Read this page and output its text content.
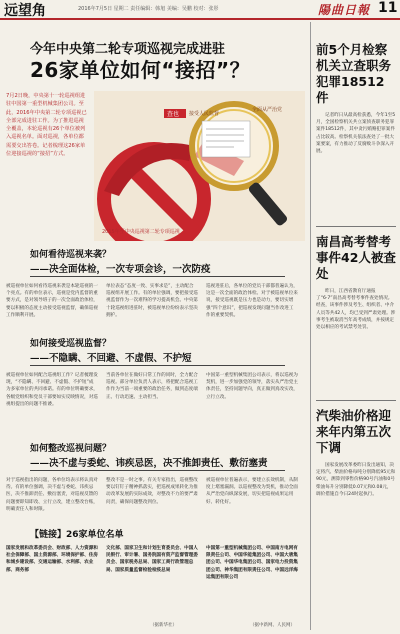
远望角	2016年7月5日 星期二 责任编辑：韩旭 美编：吴鹏 校对：张彤	陽曲日報 11
今年中央第二轮专项巡视完成进驻
26家单位如何“接招”？
7月2日晚，中央第十一轮巡视组进驻中国第一重型机械集团公司。至此，2016年中央第二轮专项巡视已全部完成进驻工作。为了推进巡视全覆盖，本轮巡视有26个单位被列入巡视名单。面对巡视，各单位都需要交出答卷。记者梳理这26家单位迎接巡视的“接招”方式。
查也 接受人民监督
全面从严治党
2015年至中央巡视第二轮专项巡视
如何看待巡视来袭？
——决全面体检，一次专项会诊，一次防疫
被巡视单位如何看待巡视来袭是本轮巡视的一个亮点。有的单位表示，巡视是党内监督的重要方式，是对领导班子的一次全面政治体检，要以积极的态度主动接受巡视监督，确保巡视工作顺利开展。
单位表态“态度一致、实事求是”，主动配合巡视组开展工作。有的单位强调，要把接受巡视监督作为一次难得的学习提高机会。中央第十轮巡视组进驻时，被巡视单位纷纷表示坚决拥护。
巡视进驻后，各单位的党员干部都普遍认为，这是一次全面的政治体检。对于被巡视单位来说，接受巡视既是压力也是动力，要切实增强“四个意识”，把巡视发现问题当作改进工作的重要契机。
如何接受巡视监督？
——不隐瞒、不回避、不虚假、不护短
被巡视单位如何配合巡视组工作？记者梳理发现，“不隐瞒、不回避、不虚假、不护短”成为多家单位的共同承诺。有的单位明确要求，各级党组织和党员干部要如实反映情况，对巡视组提出的问题不推诿。
当前各单位在做好日常工作的同时，全力配合巡视。部分单位负责人表示，将把配合巡视工作作为当前一项重要的政治任务，做到态度端正、行动迅速、主动担当。
中国第一重型机械集团公司表示，将以巡视为契机，进一步加强党的领导，落实从严治党主体责任，坚持问题导向，真正做到真改实改，立行立改。
如何整改巡视问题？
——决不虚与委蛇、讳疾忌医，决不推卸责任、敷衍塞责
对于巡视指出的问题，各单位均表示将认真对待。有的单位强调，决不虚与委蛇、讳疾忌医，决不推卸责任、敷衍塞责，对巡视反馈的问题要即知即改、立行立改，建立整改台账，明确责任人和时限。
整改不是一时之事。有关专家指出，巡视整改要以钉钉子精神抓落实，把巡视成果转化为推动改革发展的实际成效，对整改不力的要严肃问责，确保问题整改到位。
被巡视单位普遍表示，要建立长效机制，从制度上堵塞漏洞。以巡视整改为契机，推动全面从严治党向纵深发展，切实把巡视成果运用好、转化好。
【链接】26家单位名单
国家发展和改革委员会、财政部、人力资源和社会保障部、国土资源部、环境保护部、住房和城乡建设部、交通运输部、水利部、农业部、商务部
文化部、国家卫生和计划生育委员会、中国人民银行、审计署、国务院国有资产监督管理委员会、国家税务总局、国家工商行政管理总局、国家质量监督检验检疫总局
中国第一重型机械集团公司、中国南方电网有限责任公司、中国华能集团公司、中国大唐集团公司、中国华电集团公司、国家电力投资集团公司、神华集团有限责任公司、中国远洋海运集团有限公司
（据新华社）	（据中新网、人民网）

前5个月检察机关立查职务犯罪18512件

记者昨日从最高检获悉，今年1至5月，全国检察机关共立案侦查职务犯罪案件18512件，其中贪污贿赂犯罪案件占比较高。检察机关依法查处了一批大案要案，有力推动了反腐败斗争深入开展。

南昌高考替考事件42人被查处

昨日，江西省教育厅通报了“6·7”南昌高考替考事件查处情况。经查，该事件涉及考生、组织者、中介人员等共42人，均已受到严肃处理。涉事考生被取消当年高考成绩，并按规定处以相应的考试禁考处罚。

汽柴油价格迎来年内第五次下调

国家发展改革委昨日发出通知，决定将汽、柴油价格每吨分别降低95元和90元，测算到零售价格90号汽油和0号柴油每升分别降低0.07元和0.08元，调价措施自今日24时起执行。
